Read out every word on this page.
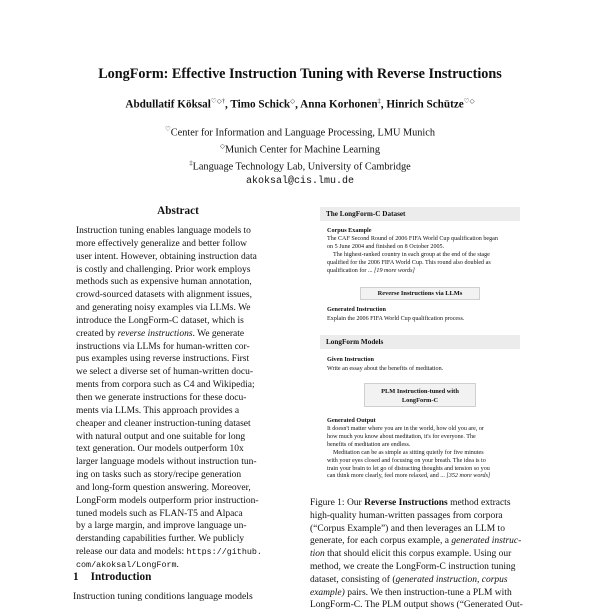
LongForm: Effective Instruction Tuning with Reverse Instructions
Abdullatif Köksal♡◇†, Timo Schick◇, Anna Korhonen‡, Hinrich Schütze♡◇
♡Center for Information and Language Processing, LMU Munich
◇Munich Center for Machine Learning
‡Language Technology Lab, University of Cambridge
akoksal@cis.lmu.de
Abstract
Instruction tuning enables language models to
more effectively generalize and better follow
user intent. However, obtaining instruction data
is costly and challenging. Prior work employs
methods such as expensive human annotation,
crowd-sourced datasets with alignment issues,
and generating noisy examples via LLMs. We
introduce the LongForm-C dataset, which is
created by reverse instructions. We generate
instructions via LLMs for human-written cor-
pus examples using reverse instructions. First
we select a diverse set of human-written docu-
ments from corpora such as C4 and Wikipedia;
then we generate instructions for these docu-
ments via LLMs. This approach provides a
cheaper and cleaner instruction-tuning dataset
with natural output and one suitable for long
text generation. Our models outperform 10x
larger language models without instruction tun-
ing on tasks such as story/recipe generation
and long-form question answering. Moreover,
LongForm models outperform prior instruction-
tuned models such as FLAN-T5 and Alpaca
by a large margin, and improve language un-
derstanding capabilities further. We publicly
release our data and models: https://github.
com/akoksal/LongForm.
1 Introduction
Instruction tuning conditions language models
The LongForm-C Dataset
Corpus Example
The CAF Second Round of 2006 FIFA World Cup qualification began
on 5 June 2004 and finished on 8 October 2005.
The highest-ranked country in each group at the end of the stage
qualified for the 2006 FIFA World Cup. This round also doubled as
qualification for ... [19 more words]
Reverse Instructions via LLMs
Generated Instruction
Explain the 2006 FIFA World Cup qualification process.
LongForm Models
Given Instruction
Write an essay about the benefits of meditation.
PLM Instruction-tuned with
LongForm-C
Generated Output
It doesn't matter where you are in the world, how old you are, or
how much you know about meditation, it's for everyone. The
benefits of meditation are endless.
Meditation can be as simple as sitting quietly for five minutes
with your eyes closed and focusing on your breath. The idea is to
train your brain to let go of distracting thoughts and tension so you
can think more clearly, feel more relaxed, and ... [352 more words]
Figure 1: Our Reverse Instructions method extracts
high-quality human-written passages from corpora
(“Corpus Example”) and then leverages an LLM to
generate, for each corpus example, a generated instruc-
tion that should elicit this corpus example. Using our
method, we create the LongForm-C instruction tuning
dataset, consisting of (generated instruction, corpus
example) pairs. We then instruction-tune a PLM with
LongForm-C. The PLM output shows (“Generated Out-
